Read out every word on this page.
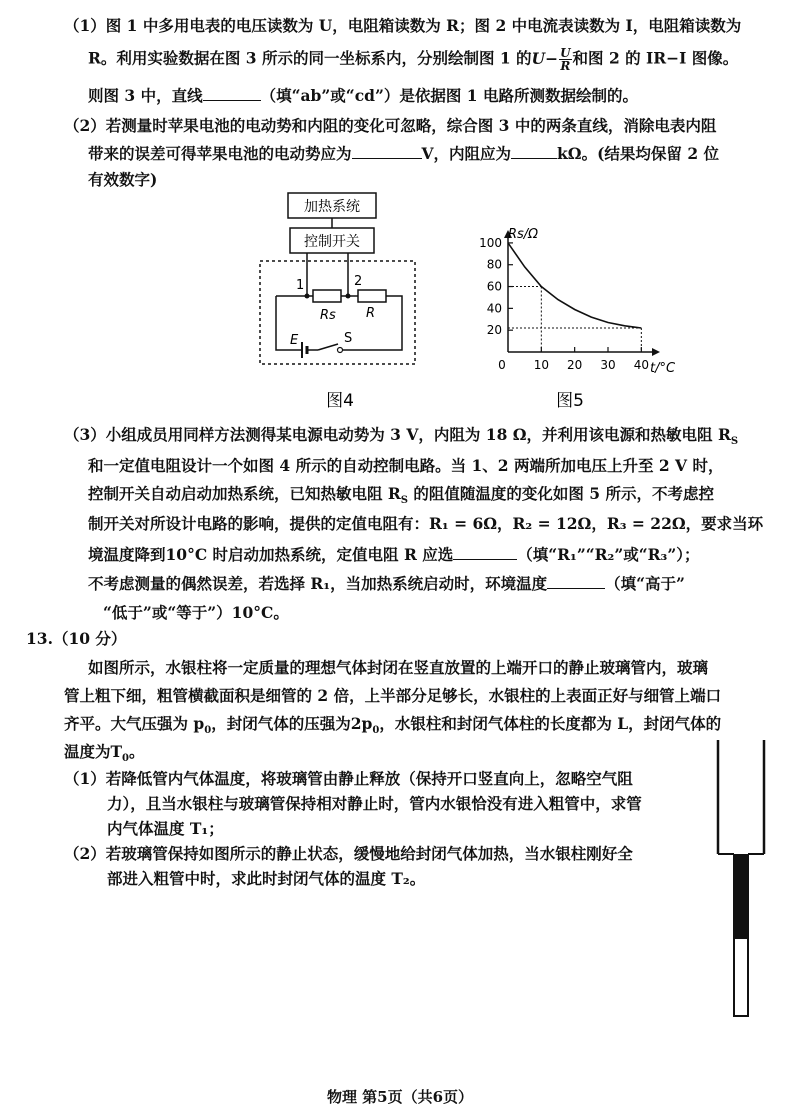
（1）图 1 中多用电表的电压读数为 U，电阻箱读数为 R；图 2 中电流表读数为 I，电阻箱读数为
R。利用实验数据在图 3 所示的同一坐标系内，分别绘制图 1 的$U- \frac{U}{R}$ 和图 2 的 IR−I 图像。
则图 3 中，直线	（填“ab”或“cd”）是依据图 1 电路所测数据绘制的。
（2）若测量时苹果电池的电动势和内阻的变化可忽略，综合图 3 中的两条直线，消除电表内阻
带来的误差可得苹果电池的电动势应为	V，内阻应为	kΩ。(结果均保留 2 位
有效数字)
加热系统
控制开关
1	2
Rs R
E	S
图4
20
40
60
80
100
0 10 20 30 40
Rs/Ω
t/°C
图5
（3）小组成员用同样方法测得某电源电动势为 3 V，内阻为 18 Ω，并利用该电源和热敏电阻 $R_S$
和一定值电阻设计一个如图 4 所示的自动控制电路。当 1、2 两端所加电压上升至 2 V 时，
控制开关自动启动加热系统，已知热敏电阻 $R_S$ 的阻值随温度的变化如图 5 所示，不考虑控
制开关对所设计电路的影响，提供的定值电阻有：R₁ = 6Ω，R₂ = 12Ω，R₃ = 22Ω，要求当环
境温度降到10°C 时启动加热系统，定值电阻 R 应选	（填“R₁”“R₂”或“R₃”）；
不考虑测量的偶然误差，若选择 R₁，当加热系统启动时，环境温度	（填“高于”
“低于”或“等于”）10°C。
13.（10 分）
如图所示，水银柱将一定质量的理想气体封闭在竖直放置的上端开口的静止玻璃管内，玻璃
管上粗下细，粗管横截面积是细管的 2 倍，上半部分足够长，水银柱的上表面正好与细管上端口
齐平。大气压强为 $p_0$，封闭气体的压强为$2p_0$，水银柱和封闭气体柱的长度都为 L，封闭气体的
温度为$T_0$。
（1）若降低管内气体温度，将玻璃管由静止释放（保持开口竖直向上，忽略空气阻
力），且当水银柱与玻璃管保持相对静止时，管内水银恰没有进入粗管中，求管
内气体温度 T₁；
（2）若玻璃管保持如图所示的静止状态，缓慢地给封闭气体加热，当水银柱刚好全
部进入粗管中时，求此时封闭气体的温度 T₂。
物理 第5页（共6页）
